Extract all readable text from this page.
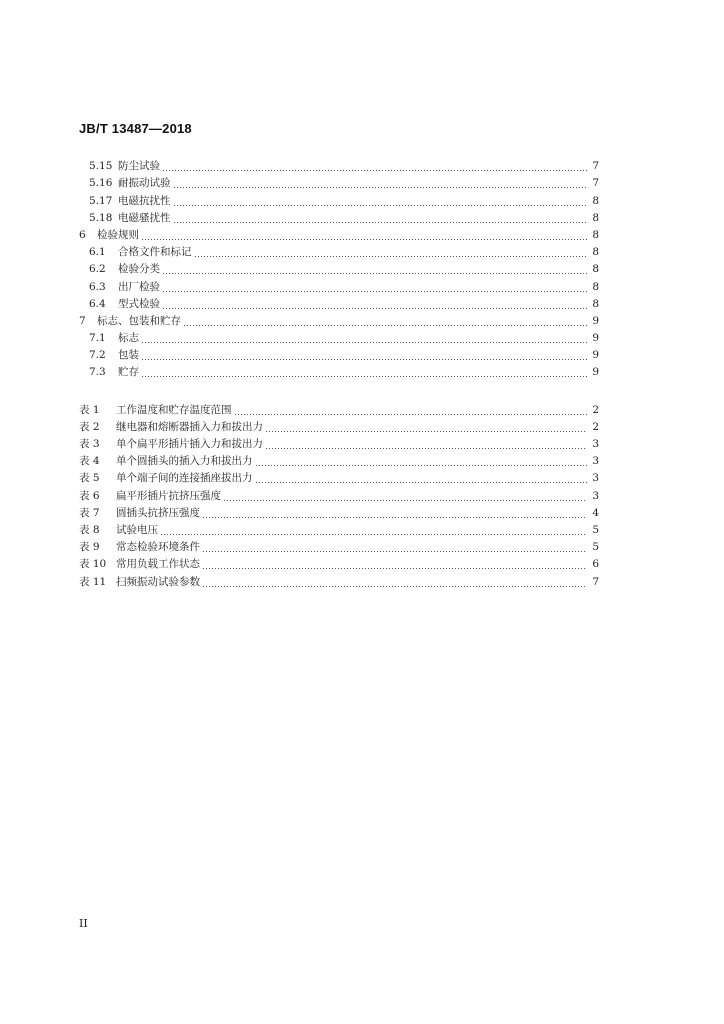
JB/T 13487—2018
5.15 防尘试验	7
5.16 耐振动试验	7
5.17 电磁抗扰性	8
5.18 电磁骚扰性	8
6	检验规则	8
6.1	合格文件和标记	8
6.2	检验分类	8
6.3	出厂检验	8
6.4	型式检验	8
7	标志、包装和贮存	9
7.1	标志	9
7.2	包装	9
7.3	贮存	9
表 1	工作温度和贮存温度范围	2
表 2	继电器和熔断器插入力和拔出力	2
表 3	单个扁平形插片插入力和拔出力	3
表 4	单个圆插头的插入力和拔出力	3
表 5	单个端子间的连接插座拔出力	3
表 6	扁平形插片抗挤压强度	3
表 7	圆插头抗挤压强度	4
表 8	试验电压	5
表 9	常态检验环境条件	5
表 10 常用负载工作状态	6
表 11 扫频振动试验参数	7
II
